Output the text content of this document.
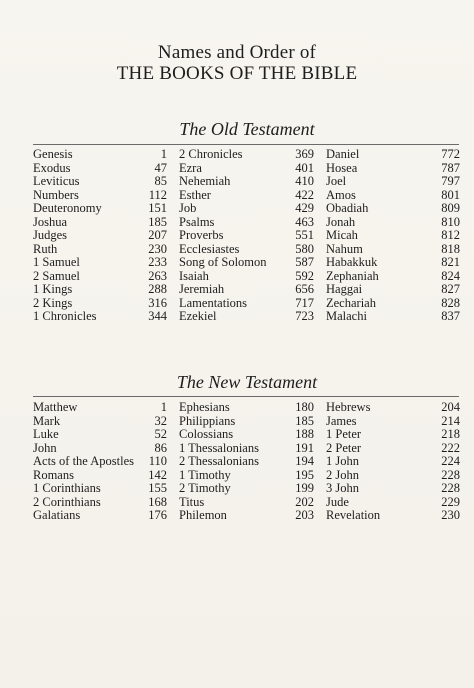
Names and Order of
THE BOOKS OF THE BIBLE
The Old Testament
Genesis	1
Exodus	47
Leviticus	85
Numbers	112
Deuteronomy	151
Joshua	185
Judges	207
Ruth	230
1 Samuel	233
2 Samuel	263
1 Kings	288
2 Kings	316
1 Chronicles	344
2 Chronicles	369
Ezra	401
Nehemiah	410
Esther	422
Job	429
Psalms	463
Proverbs	551
Ecclesiastes	580
Song of Solomon 587
Isaiah	592
Jeremiah	656
Lamentations	717
Ezekiel	723
Daniel	772
Hosea	787
Joel	797
Amos	801
Obadiah	809
Jonah	810
Micah	812
Nahum	818
Habakkuk	821
Zephaniah	824
Haggai	827
Zechariah	828
Malachi	837
The New Testament
Matthew	1
Mark	32
Luke	52
John	86
Acts of the Apostles 110
Romans	142
1 Corinthians	155
2 Corinthians	168
Galatians	176
Ephesians	180
Philippians	185
Colossians	188
1 Thessalonians	191
2 Thessalonians	194
1 Timothy	195
2 Timothy	199
Titus	202
Philemon	203
Hebrews	204
James	214
1 Peter	218
2 Peter	222
1 John	224
2 John	228
3 John	228
Jude	229
Revelation	230
